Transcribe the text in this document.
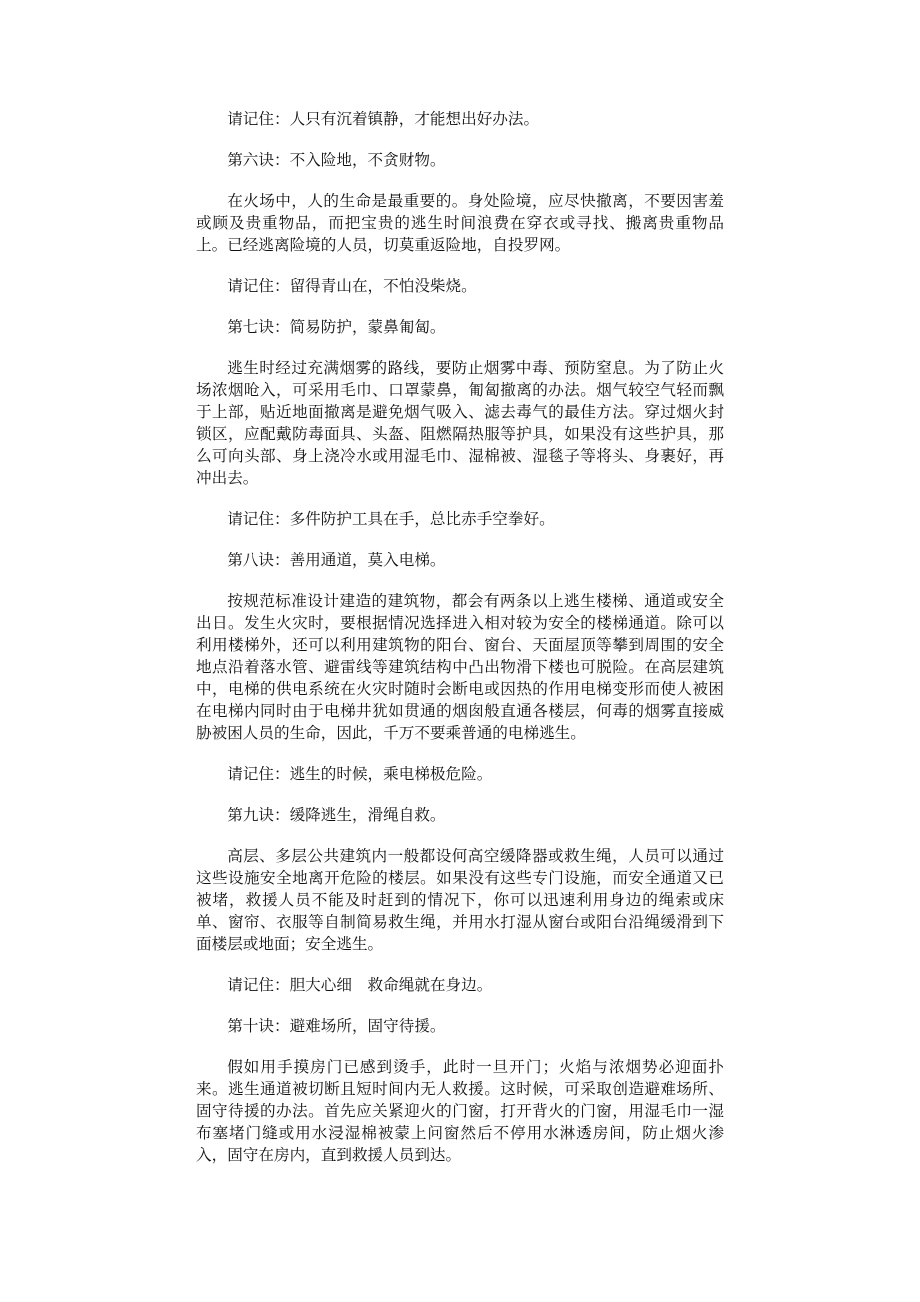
请记住：人只有沉着镇静，才能想出好办法。

第六诀：不入险地，不贪财物。

在火场中，人的生命是最重要的。身处险境，应尽快撤离，不要因害羞或顾及贵重物品，而把宝贵的逃生时间浪费在穿衣或寻找、搬离贵重物品上。已经逃离险境的人员，切莫重返险地，自投罗网。

请记住：留得青山在，不怕没柴烧。

第七诀：简易防护，蒙鼻匍匐。

逃生时经过充满烟雾的路线，要防止烟雾中毒、预防窒息。为了防止火场浓烟呛入，可采用毛巾、口罩蒙鼻，匍匐撤离的办法。烟气较空气轻而飘于上部，贴近地面撤离是避免烟气吸入、滤去毒气的最佳方法。穿过烟火封锁区，应配戴防毒面具、头盔、阻燃隔热服等护具，如果没有这些护具，那么可向头部、身上浇冷水或用湿毛巾、湿棉被、湿毯子等将头、身裹好，再冲出去。

请记住：多件防护工具在手，总比赤手空拳好。

第八诀：善用通道，莫入电梯。

按规范标准设计建造的建筑物，都会有两条以上逃生楼梯、通道或安全出日。发生火灾时，要根据情况选择进入相对较为安全的楼梯通道。除可以利用楼梯外，还可以利用建筑物的阳台、窗台、天面屋顶等攀到周围的安全地点沿着落水管、避雷线等建筑结构中凸出物滑下楼也可脱险。在高层建筑中，电梯的供电系统在火灾时随时会断电或因热的作用电梯变形而使人被困在电梯内同时由于电梯井犹如贯通的烟囱般直通各楼层，何毒的烟雾直接威胁被困人员的生命，因此，千万不要乘普通的电梯逃生。

请记住：逃生的时候，乘电梯极危险。

第九诀：缓降逃生，滑绳自救。

高层、多层公共建筑内一般都设何高空缓降器或救生绳，人员可以通过这些设施安全地离开危险的楼层。如果没有这些专门设施，而安全通道又已被堵，救援人员不能及时赶到的情况下，你可以迅速利用身边的绳索或床单、窗帘、衣服等自制简易救生绳，并用水打湿从窗台或阳台沿绳缓滑到下面楼层或地面；安全逃生。

请记住：胆大心细　救命绳就在身边。

第十诀：避难场所，固守待援。

假如用手摸房门已感到烫手，此时一旦开门；火焰与浓烟势必迎面扑来。逃生通道被切断且短时间内无人救援。这时候，可采取创造避难场所、固守待援的办法。首先应关紧迎火的门窗，打开背火的门窗，用湿毛巾一湿布塞堵门缝或用水浸湿棉被蒙上问窗然后不停用水淋透房间，防止烟火渗入，固守在房内，直到救援人员到达。
